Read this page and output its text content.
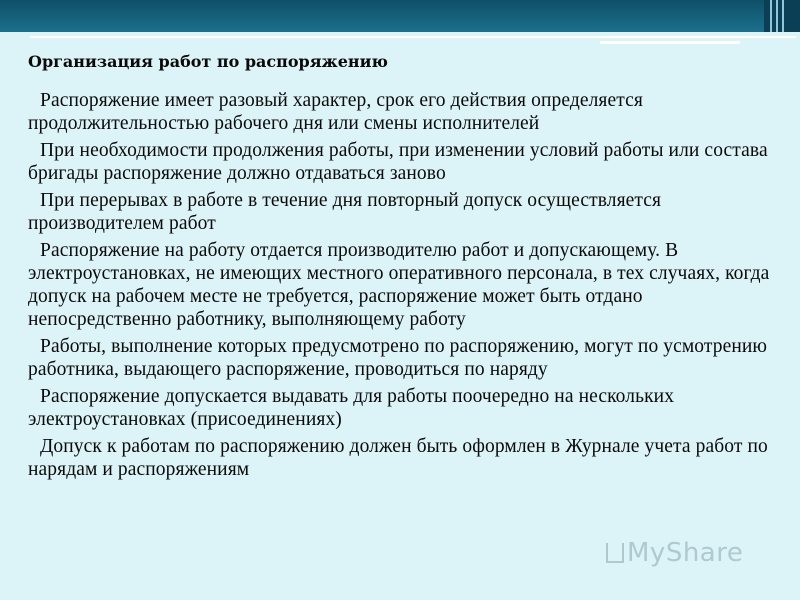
Организация работ по распоряжению

Распоряжение имеет разовый характер, срок его действия определяется продолжительностью рабочего дня или смены исполнителей

При необходимости продолжения работы, при изменении условий работы или состава бригады распоряжение должно отдаваться заново

При перерывах в работе в течение дня повторный допуск осуществляется производителем работ

Распоряжение на работу отдается производителю работ и допускающему. В электроустановках, не имеющих местного оперативного персонала, в тех случаях, когда допуск на рабочем месте не требуется, распоряжение может быть отдано непосредственно работнику, выполняющему работу

Работы, выполнение которых предусмотрено по распоряжению, могут по усмотрению работника, выдающего распоряжение, проводиться по наряду

Распоряжение допускается выдавать для работы поочередно на нескольких электроустановках (присоединениях)

Допуск к работам по распоряжению должен быть оформлен в Журнале учета работ по нарядам и распоряжениям

MyShare
